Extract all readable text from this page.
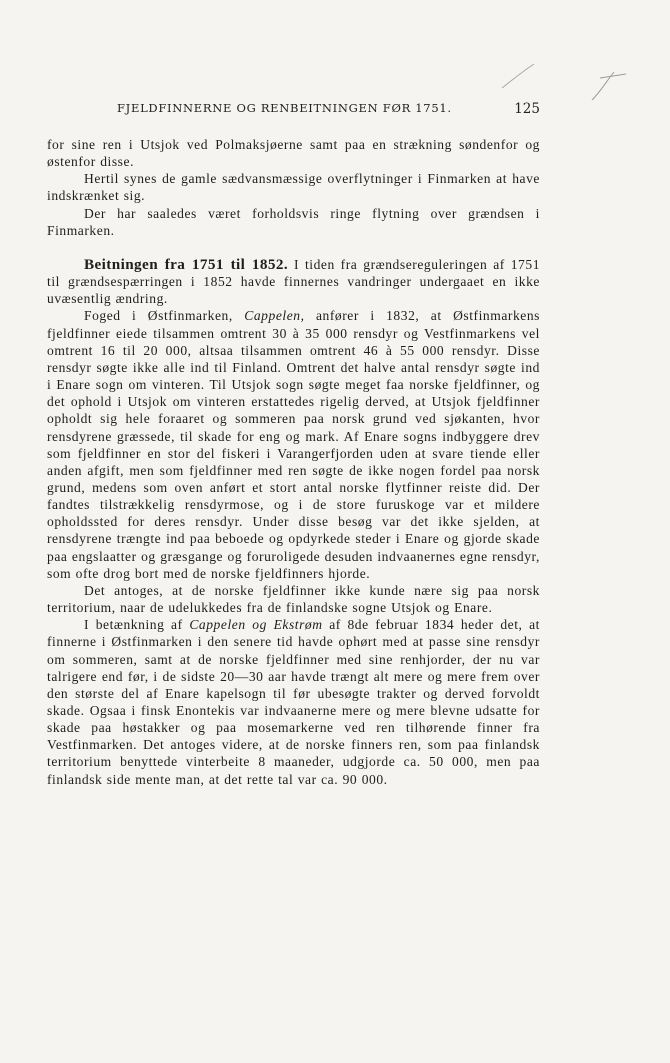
FJELDFINNERNE OG RENBEITNINGEN FØR 1751.	125

for sine ren i Utsjok ved Polmaksjøerne samt paa en strækning søndenfor og østenfor disse.

Hertil synes de gamle sædvansmæssige overflytninger i Finmarken at have indskrænket sig.

Der har saaledes været forholdsvis ringe flytning over grændsen i Finmarken.

Beitningen fra 1751 til 1852. I tiden fra grændsereguleringen af 1751 til grændsespærringen i 1852 havde finnernes vandringer undergaaet en ikke uvæsentlig ændring.

Foged i Østfinmarken, Cappelen, anfører i 1832, at Østfinmarkens fjeldfinner eiede tilsammen omtrent 30 à 35 000 rensdyr og Vestfinmarkens vel omtrent 16 til 20 000, altsaa tilsammen omtrent 46 à 55 000 rensdyr. Disse rensdyr søgte ikke alle ind til Finland. Omtrent det halve antal rensdyr søgte ind i Enare sogn om vinteren. Til Utsjok sogn søgte meget faa norske fjeldfinner, og det ophold i Utsjok om vinteren erstattedes rigelig derved, at Utsjok fjeldfinner opholdt sig hele foraaret og sommeren paa norsk grund ved sjøkanten, hvor rensdyrene græssede, til skade for eng og mark. Af Enare sogns indbyggere drev som fjeldfinner en stor del fiskeri i Varangerfjorden uden at svare tiende eller anden afgift, men som fjeldfinner med ren søgte de ikke nogen fordel paa norsk grund, medens som oven anført et stort antal norske flytfinner reiste did. Der fandtes tilstrækkelig rensdyrmose, og i de store furuskoge var et mildere opholdssted for deres rensdyr. Under disse besøg var det ikke sjelden, at rensdyrene trængte ind paa beboede og opdyrkede steder i Enare og gjorde skade paa engslaatter og græsgange og foruroligede desuden indvaanernes egne rensdyr, som ofte drog bort med de norske fjeldfinners hjorde.

Det antoges, at de norske fjeldfinner ikke kunde nære sig paa norsk territorium, naar de udelukkedes fra de finlandske sogne Utsjok og Enare.

I betænkning af Cappelen og Ekstrøm af 8de februar 1834 heder det, at finnerne i Østfinmarken i den senere tid havde ophørt med at passe sine rensdyr om sommeren, samt at de norske fjeldfinner med sine renhjorder, der nu var talrigere end før, i de sidste 20—30 aar havde trængt alt mere og mere frem over den største del af Enare kapelsogn til før ubesøgte trakter og derved forvoldt skade. Ogsaa i finsk Enontekis var indvaanerne mere og mere blevne udsatte for skade paa høstakker og paa mosemarkerne ved ren tilhørende finner fra Vestfinmarken. Det antoges videre, at de norske finners ren, som paa finlandsk territorium benyttede vinterbeite 8 maaneder, udgjorde ca. 50 000, men paa finlandsk side mente man, at det rette tal var ca. 90 000.
